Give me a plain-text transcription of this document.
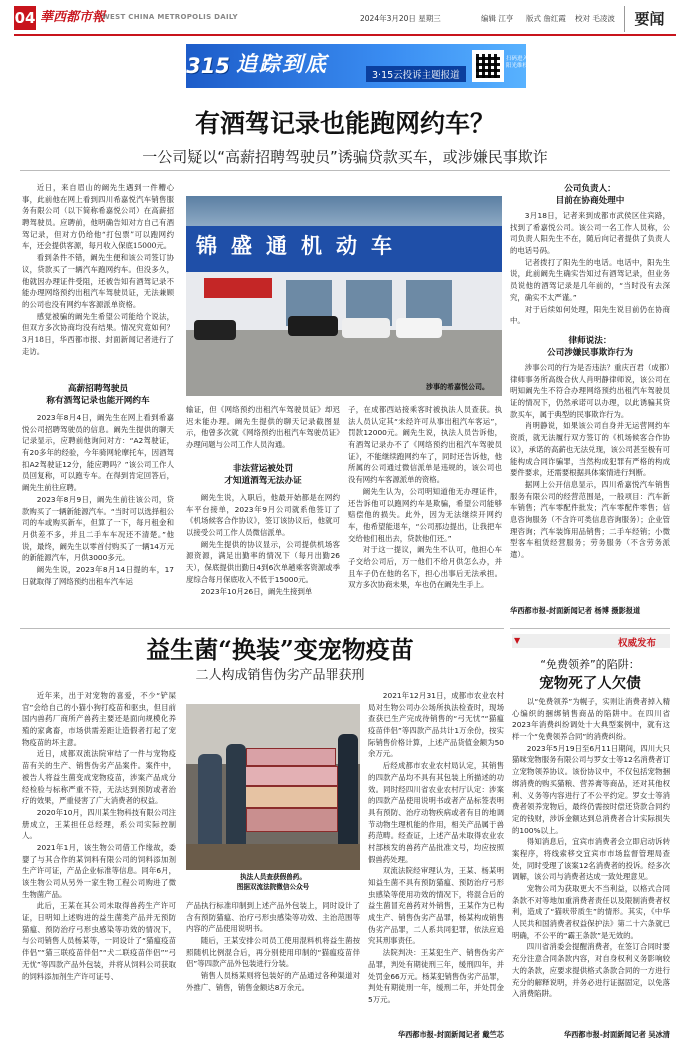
04 華西都市報
WEST CHINA METROPOLIS DAILY	2024年3月20日 星期三	编辑 江亨 版式 詹红霞 校对 毛凌波	要闻
315 追踪到底	3·15云投诉主题报道
扫码进入 阳光维权
有酒驾记录也能跑网约车？
一公司疑以“高薪招聘驾驶员”诱骗贷款买车，或涉嫌民事欺诈

近日，来自眉山的阚先生遇到一件糟心事，此前他在网上看到四川希嘉悦汽车销售服务有限公司（以下简称希嘉悦公司）在高薪招聘驾驶员。应聘前，他明确告知对方自己有酒驾记录，但对方仍给他“打包票”可以跑网约车，还会提供客源，每月收入保底15000元。

看到条件不错，阚先生便和该公司签订协议，贷款买了一辆汽车跑网约车。但没多久，他就因办理证件受阻，还被告知有酒驾记录不能办理网络预约出租汽车驾驶员证，无法兼顾的公司也没有网约车客源派单资格。

感觉被骗的阚先生希望公司能给个说法，但双方多次协商均没有结果。情况究竟如何？3月18日，华西都市报、封面新闻记者进行了走访。

高薪招聘驾驶员
称有酒驾记录也能开网约车

2023年8月4日，阚先生在网上看到希嘉悦公司招聘驾驶员的信息。阚先生提供的聊天记录显示，应聘前他询问对方：“A2驾驶证，有20多年的经验，今年骑网轮摩托车，因酒驾扣A2驾驶证12分，能应聘吗？”该公司工作人员回复称，可以跑专车。在得到肯定回答后，阚先生前往应聘。

2023年8月9日，阚先生前往该公司，贷款购买了一辆新能源汽车。“当时可以选择租公司的车或购买新车，但算了一下，每月租金和月供差不多，并且二手车车况还不清楚。”他说，最终，阚先生以零首付购买了一辆14万元的新能源汽车，月供3000多元。

阚先生说，2023年8月14日提的车，17日就取得了网络预约出租车汽车运

锦盛通机动车
涉事的希嘉悦公司。

输证，但《网络预约出租汽车驾驶员证》却迟迟未能办理。阚先生提供的聊天记录截图显示，他曾多次就《网络预约出租汽车驾驶员证》办理问题与公司工作人员沟通。

非法营运被处罚
才知道酒驾无法办证

阚先生说，入职后，他最开始都是在网约车平台接单，2023年9月公司就系他签订了《机场候客合作协议》，签订该协议后，他就可以接受公司工作人员微信派单。

阚先生提供的协议显示，公司提供机场客源资源，满足出勤率的情况下（每月出勤26天），保底提供出勤日4到6次单趟乘客资源或季度综合每月保底收入不低于15000元。

2023年10月26日，阚先生接到单

子，在成都西站接乘客时被执法人员查获。执法人员认定其“未经许可从事出租汽车客运”，罚款12000元。阚先生说，执法人员告诉他，有酒驾记录办不了《网络预约出租汽车驾驶员证》，不能继续跑网约车了，同时还告诉他，他所属的公司通过微信派单是违规的，该公司也没有网约车客源派单的资格。

阚先生认为，公司明知道他无办理证件，还告诉他可以跑网约车是欺骗，希望公司能够赔偿他的损失。此外，因为无法继续开网约车，他希望能退车，“公司那边提出，让我把车交给他们租出去，贷款他们还。”

对于这一提议，阚先生不认可，他担心车子交给公司后，万一他们不给月供怎么办，并且车子仍在他的名下，担心出事后无法承担。双方多次协商未果，车也仍在阚先生手上。

公司负责人：
目前在协商处理中

3月18日，记者来到成都市武侯区住宾路，找到了希嘉悦公司。该公司一名工作人员称，公司负责人阳先生不在，随后向记者提供了负责人的电话号码。

记者拨打了阳先生的电话。电话中，阳先生说，此前阚先生确实告知过有酒驾记录，但业务员说他的酒驾记录是几年前的，“当时没有去深究，确实不太严谨。”

对于后续如何处理，阳先生说目前仍在协商中。

律师说法：
公司涉嫌民事欺诈行为

涉事公司的行为是否违法？重庆百君（成都）律师事务所高级合伙人肖明静律师说，该公司在明知阚先生不符合办理网络预约出租汽车驾驶员证的情况下，仍然承诺可以办理，以此诱骗其贷款买车，属于典型的民事欺诈行为。

肖明静说，如果该公司自身并无运营网约车资质，就无法履行双方签订的《机场候客合作协议》，承诺的高薪也无法兑现，该公司甚至极有可能构成合同诈骗罪，当然构成犯罪有严格的构成要件要求，还需要根据具体案情进行判断。

据网上公开信息显示，四川希嘉悦汽车销售服务有限公司的经营范围是，一般项目：汽车新车销售；汽车零配件批发；汽车零配件零售；信息咨询服务（不含许可类信息咨询服务）；企业管理咨询；汽车装饰用品销售；二手车经销；小微型客车租赁经营服务；劳务服务（不含劳务派遣）。

华西都市报-封面新闻记者 杨博 摄影报道
益生菌“换装”变宠物疫苗
二人构成销售伪劣产品罪获刑

近年来，出于对宠物的喜爱，不少“铲屎官”会给自己的小猫小狗打疫苗和驱虫，但目前国内兽药厂商所产兽药主要还是面向规模化养殖的家禽畜，市场供需差距让造假者打起了宠物疫苗的坏主意。

近日，成都双流法院审结了一件与宠物疫苗有关的生产、销售伪劣产品案件。案件中，被告人将益生菌变成宠物疫苗，涉案产品成分经检验与标称严重不符，无法达到预防或者治疗的效果，严重侵害了广大消费者的权益。

2020年10月，四川某生物科技有限公司注册成立，王某担任总经理，系公司实际控制人。

2021年1月，该生物公司借工作缘故，委婴了与其合作的某饲料有限公司的饲料添加剂生产许可证，产品企业标准等信息。同年6月，该生物公司从另外一家生物工程公司购进了微生物菌产品。

此后，王某在其公司未取得兽药生产许可证，日明知上述购进的益生菌类产品并无预防猫瘟、预防治疗弓形虫感染等功效的情况下，与公司销售人员杨某等，一同设计了“猫瘟疫苗伴侣”“猫三联疫苗伴侣”“犬二联疫苗伴侣”“弓无忧”等四款产品外包装，并将从饲料公司获取的饲料添加剂生产许可证号、

执法人员查获假兽药。
图据双流法院微信公众号

产品执行标准印制到上述产品外包装上，同时设计了含有预防猫瘟、治疗弓形虫感染等功效、主治范围等内容的产品使用说明书。

随后，王某安排公司员工使用混料机将益生菌按照随机比例混合后，再分别使用印制的“猫瘟疫苗伴侣”等四款产品外包装进行分装。

销售人员杨某则将包装好的产品通过各种渠道对外推广、销售，销售金额达8万余元。

2021年12月31日，成都市农业农村局对生物公司办公场所执法检查时，现场查获已生产完成待销售的“弓无忧”“猫瘟疫苗伴侣”等四款产品共计1万余份，按实际销售价格计算，上述产品货值金额为50余万元。

后经成都市农业农村局认定，其销售的四款产品均不具有其包装上所描述的功效。同时经四川省农业农村厅认定：涉案的四款产品使用说明书或者产品标签表明具有预防、治疗动物疾病或者有目的地调节动物生理机能的作用，相关产品属于兽药范畴。经查证，上述产品未取得农业农村部核发的兽药产品批准文号，均应按照假兽药处理。

双流法院经审理认为，王某、杨某明知益生菌不具有预防猫瘟、预防治疗弓形虫感染等使用功效的情况下，将混合后的益生菌冒充兽药对外销售，王某作为已构成生产、销售伪劣产品罪，杨某构成销售伪劣产品罪，二人系共同犯罪，依法应追究其刑事责任。

法院判决：王某犯生产、销售伪劣产品罪，判处有期徒刑三年，缓刑四年，并处罚金66万元。杨某犯销售伪劣产品罪，判处有期徒刑一年，缓刑二年，并处罚金5万元。

华西都市报-封面新闻记者 戴竺芯
▼	权威发布
“免费领养”的陷阱：
宠物死了人欠债

以“免费领养”为幌子，实则让消费者掉入精心编织的捆绑销售商品的陷阱中。在四川省2023年消费纠纷调处十大典型案例中，就有这样一个“免费领养合同”的消费纠纷。

2023年5月19日至6月11日期间，四川大只猫咪宠物服务有限公司与罗女士等12名消费者订立宠物领养协议。该份协议中，不仅包括宠物捆绑消费的购买猫粮、营养膏等商品，还对其他权利、义务等内容进行了不公平约定。罗女士等消费者领养宠物后，最终仍需按时偿还贷款合同约定的钱财，涉诉金额达到总消费者合计实际损失的100%以上。

得知消息后，宜宾市消费者会立即启动诉转案程序，将线索移交宜宾市市场监督管理局查处，同时受理了该案12名消费者的投诉。经多次调解，该公司与消费者达成一致处理意见。

宠物公司为获取更大不当利益，以格式合同条款不对等地加重消费者责任以及限制消费者权利，造成了“猫吠带质生”的情形。其实，《中华人民共和国消费者权益保护法》第二十六条就已明确，不公平的“霸王条款”是无效的。

四川省消委会提醒消费者，在签订合同时要充分注意合同条款内容，对自身权利义务影响较大的条款，应要求提供格式条款合同的一方进行充分的解释说明，并务必进行证据固定，以免落入消费陷阱。

华西都市报-封面新闻记者 吴冰清
